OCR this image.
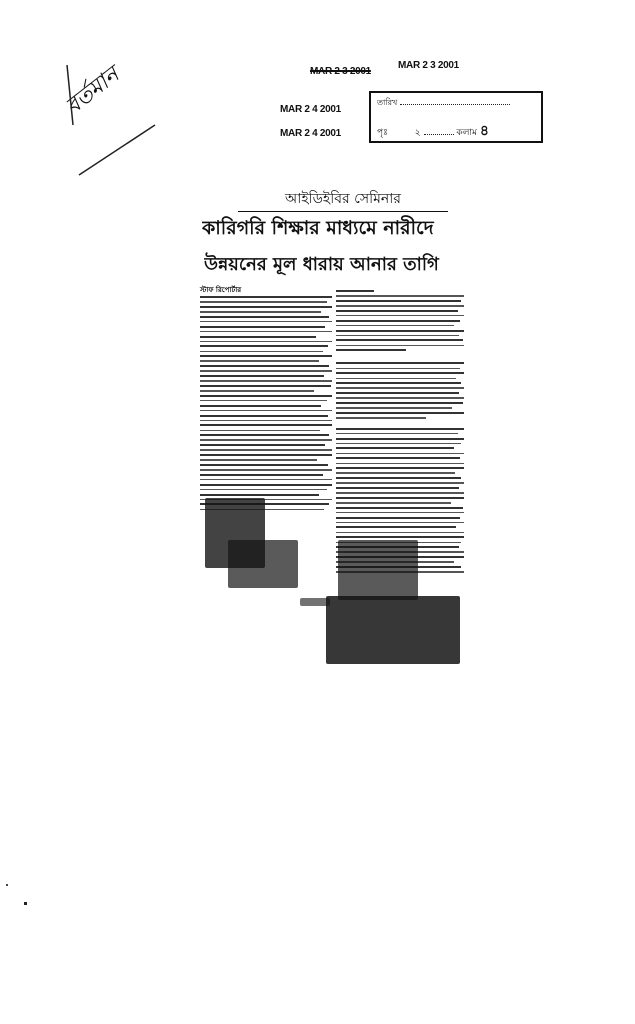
বর্তমান	MAR 2 3 2001
MAR 2 3 2001
MAR 2 4 2001
MAR 2 4 2001
তারিখ
পৃঃ	২	কলাম ৪
আইডিইবির সেমিনার
কারিগরি শিক্ষার মাধ্যমে নারীদে
উন্নয়নের মূল ধারায় আনার তাগি
স্টাফ রিপোর্টার
